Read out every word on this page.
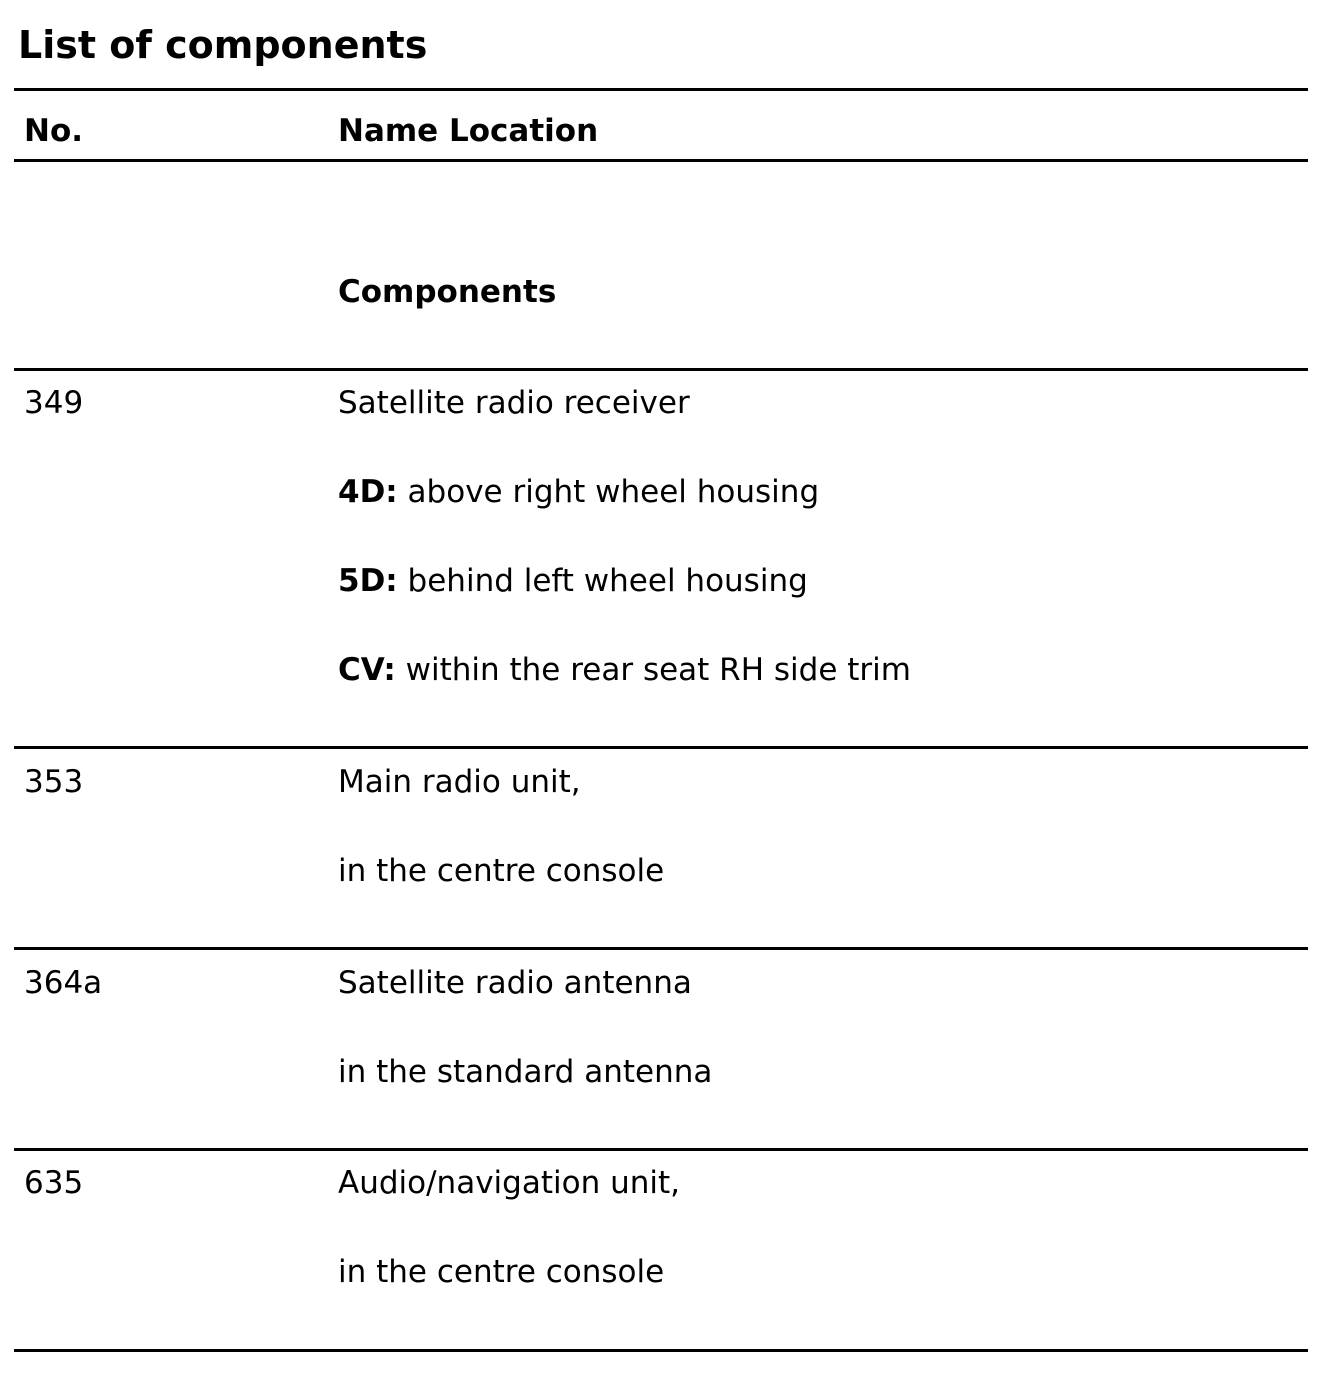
List of components
No.	Name Location
Components
349	Satellite radio receiver
4D: above right wheel housing
5D: behind left wheel housing
CV: within the rear seat RH side trim
353	Main radio unit,
in the centre console
364a	Satellite radio antenna
in the standard antenna
635	Audio/navigation unit,
in the centre console
